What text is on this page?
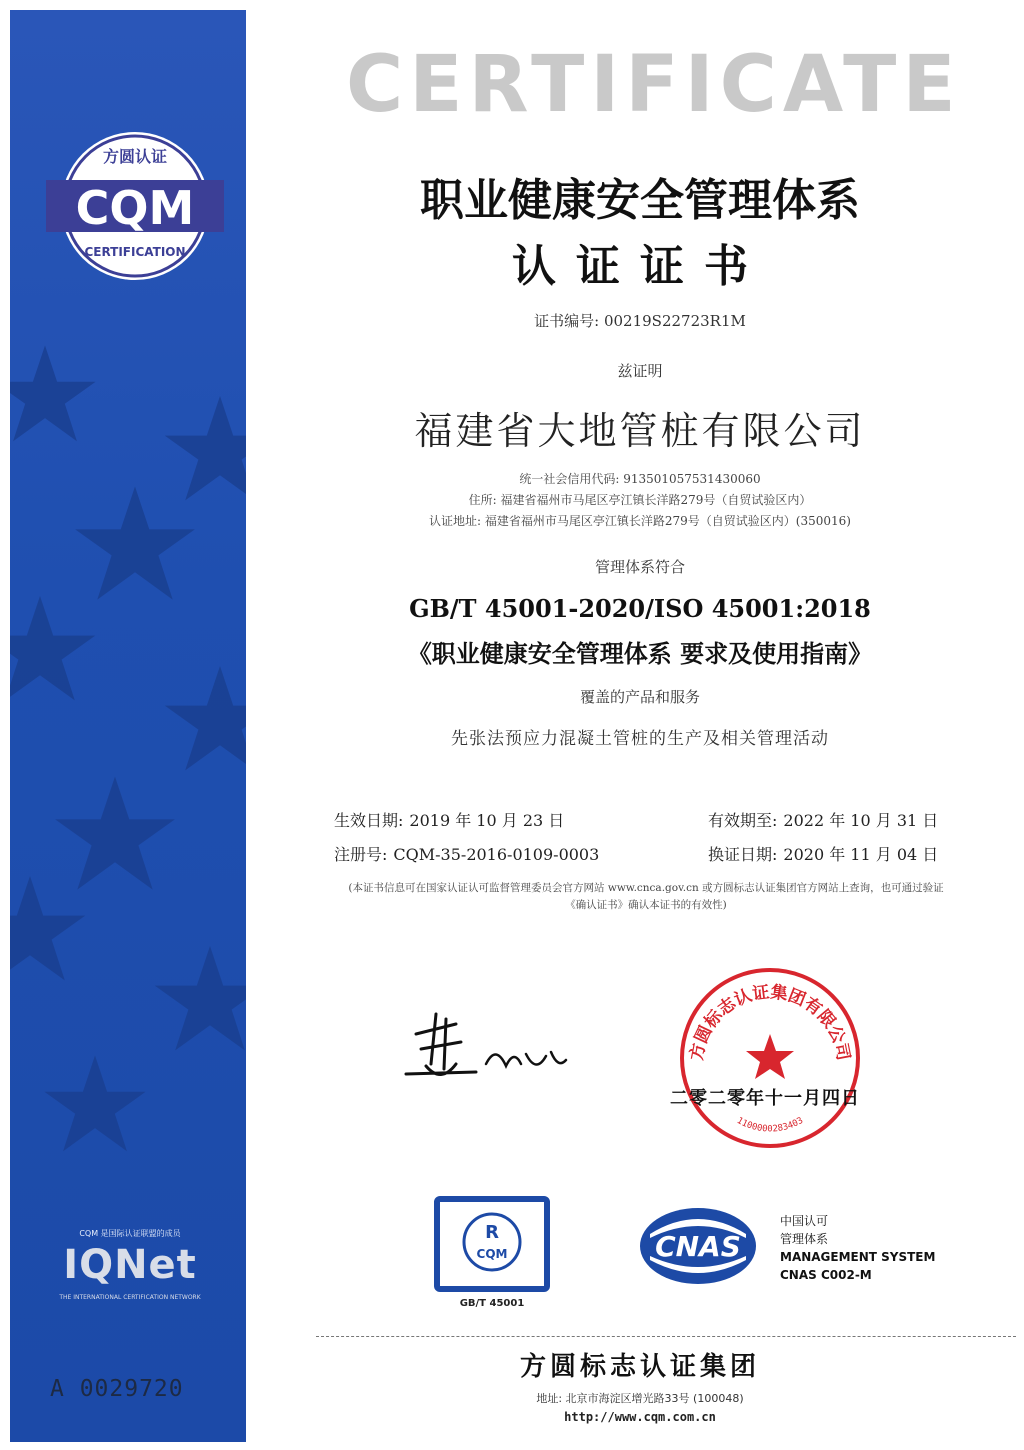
方圆认证
CQM
CERTIFICATION
CQM 是国际认证联盟的成员
IQNet
THE INTERNATIONAL CERTIFICATION NETWORK
A 0029720
CERTIFICATE
职业健康安全管理体系
认证证书
证书编号: 00219S22723R1M
兹证明
福建省大地管桩有限公司
统一社会信用代码: 913501057531430060
住所: 福建省福州市马尾区亭江镇长洋路279号（自贸试验区内）
认证地址: 福建省福州市马尾区亭江镇长洋路279号（自贸试验区内）(350016)
管理体系符合
GB/T 45001-2020/ISO 45001:2018
《职业健康安全管理体系 要求及使用指南》
覆盖的产品和服务
先张法预应力混凝土管桩的生产及相关管理活动
生效日期: 2019 年 10 月 23 日	有效期至: 2022 年 10 月 31 日
注册号: CQM-35-2016-0109-0003	换证日期: 2020 年 11 月 04 日
(本证书信息可在国家认证认可监督管理委员会官方网站 www.cnca.gov.cn 或方圆标志认证集团官方网站上查询，也可通过验证
《确认证书》确认本证书的有效性)
方圆标志认证集团有限公司
1100000283403
二零二零年十一月四日
R
CQM
GB/T 45001
CNAS
中国认可
管理体系
MANAGEMENT SYSTEM
CNAS C002-M
方圆标志认证集团
地址: 北京市海淀区增光路33号 (100048)
http://www.cqm.com.cn
